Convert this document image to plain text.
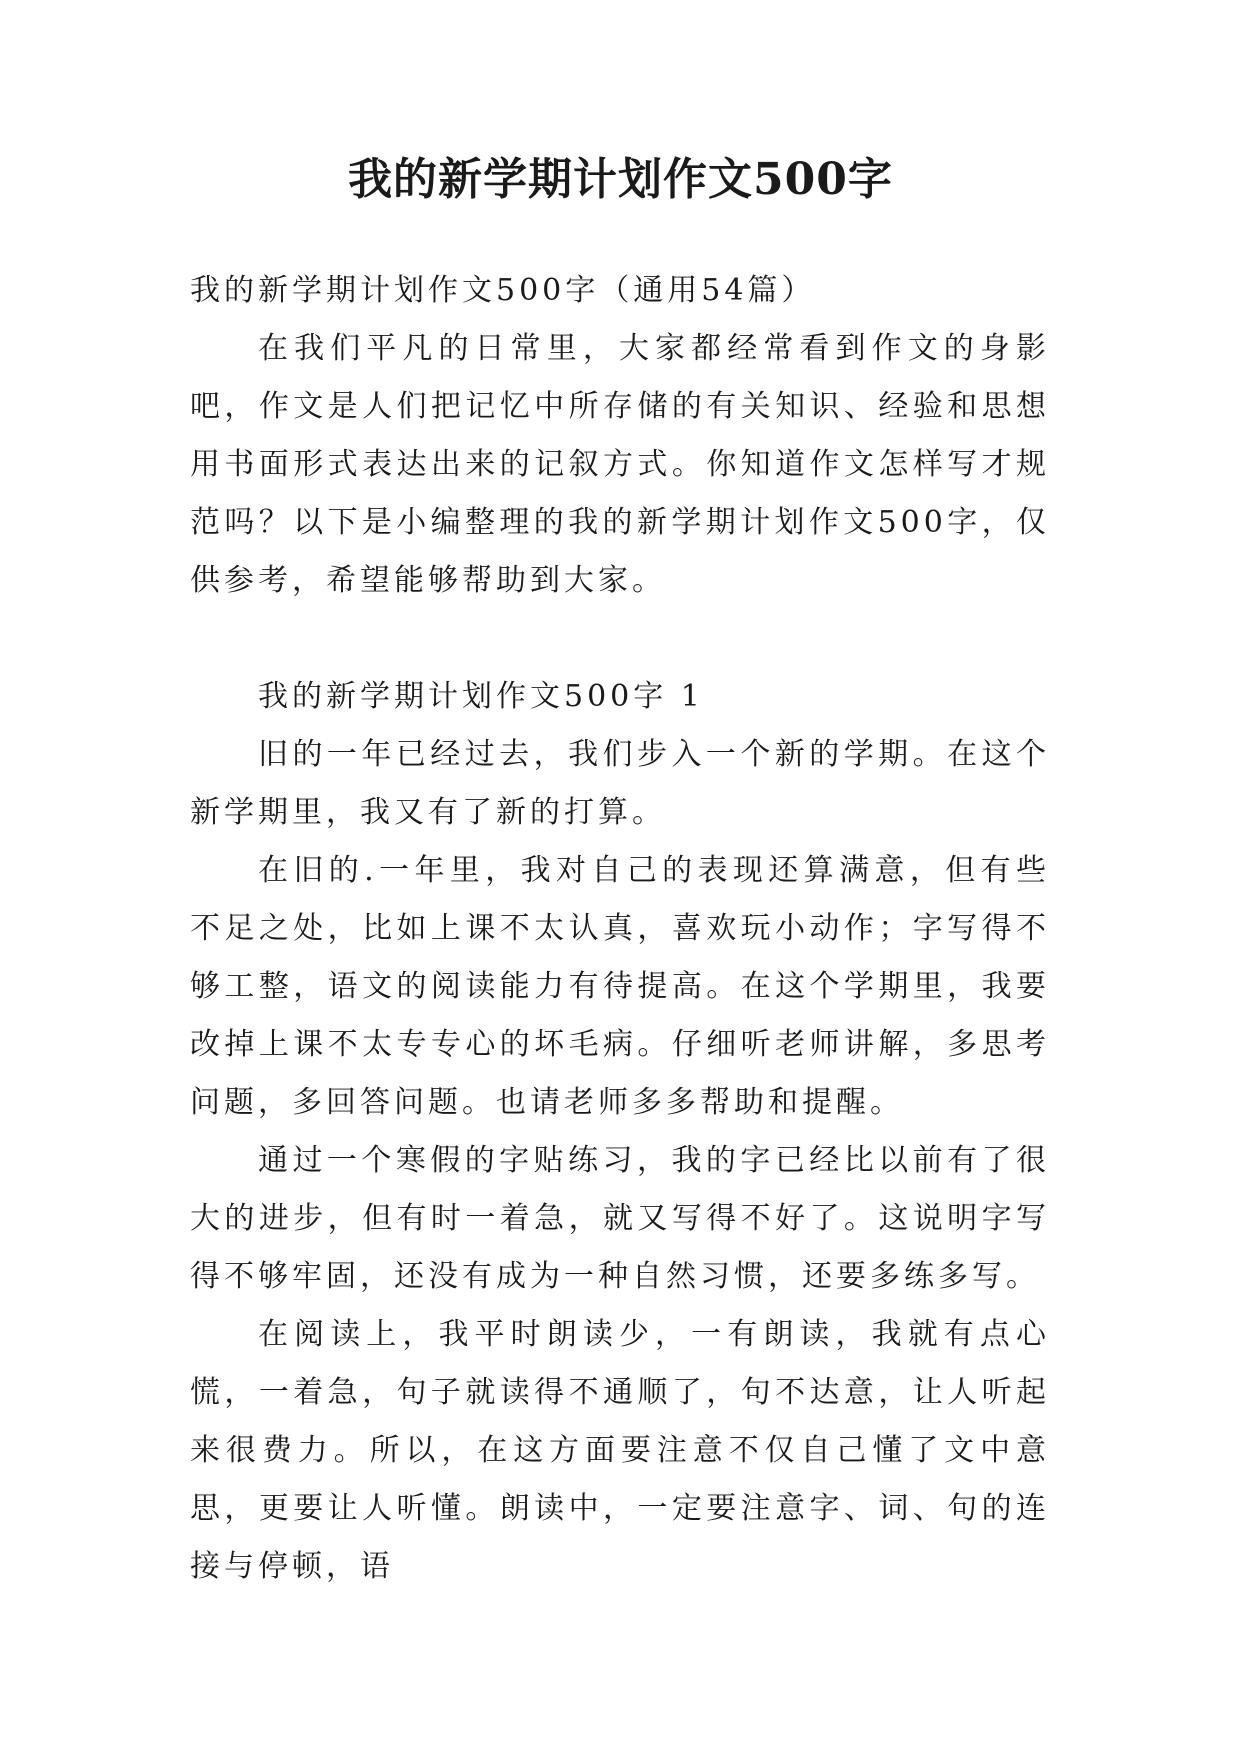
我的新学期计划作文500字

我的新学期计划作文500字（通用54篇）

在我们平凡的日常里，大家都经常看到作文的身影吧，作文是人们把记忆中所存储的有关知识、经验和思想用书面形式表达出来的记叙方式。你知道作文怎样写才规范吗？以下是小编整理的我的新学期计划作文500字，仅供参考，希望能够帮助到大家。

我的新学期计划作文500字 1

旧的一年已经过去，我们步入一个新的学期。在这个新学期里，我又有了新的打算。

在旧的.一年里，我对自己的表现还算满意，但有些不足之处，比如上课不太认真，喜欢玩小动作；字写得不够工整，语文的阅读能力有待提高。在这个学期里，我要改掉上课不太专专心的坏毛病。仔细听老师讲解，多思考问题，多回答问题。也请老师多多帮助和提醒。

通过一个寒假的字贴练习，我的字已经比以前有了很大的进步，但有时一着急，就又写得不好了。这说明字写得不够牢固，还没有成为一种自然习惯，还要多练多写。

在阅读上，我平时朗读少，一有朗读，我就有点心慌，一着急，句子就读得不通顺了，句不达意，让人听起来很费力。所以，在这方面要注意不仅自己懂了文中意思，更要让人听懂。朗读中，一定要注意字、词、句的连接与停顿，语
